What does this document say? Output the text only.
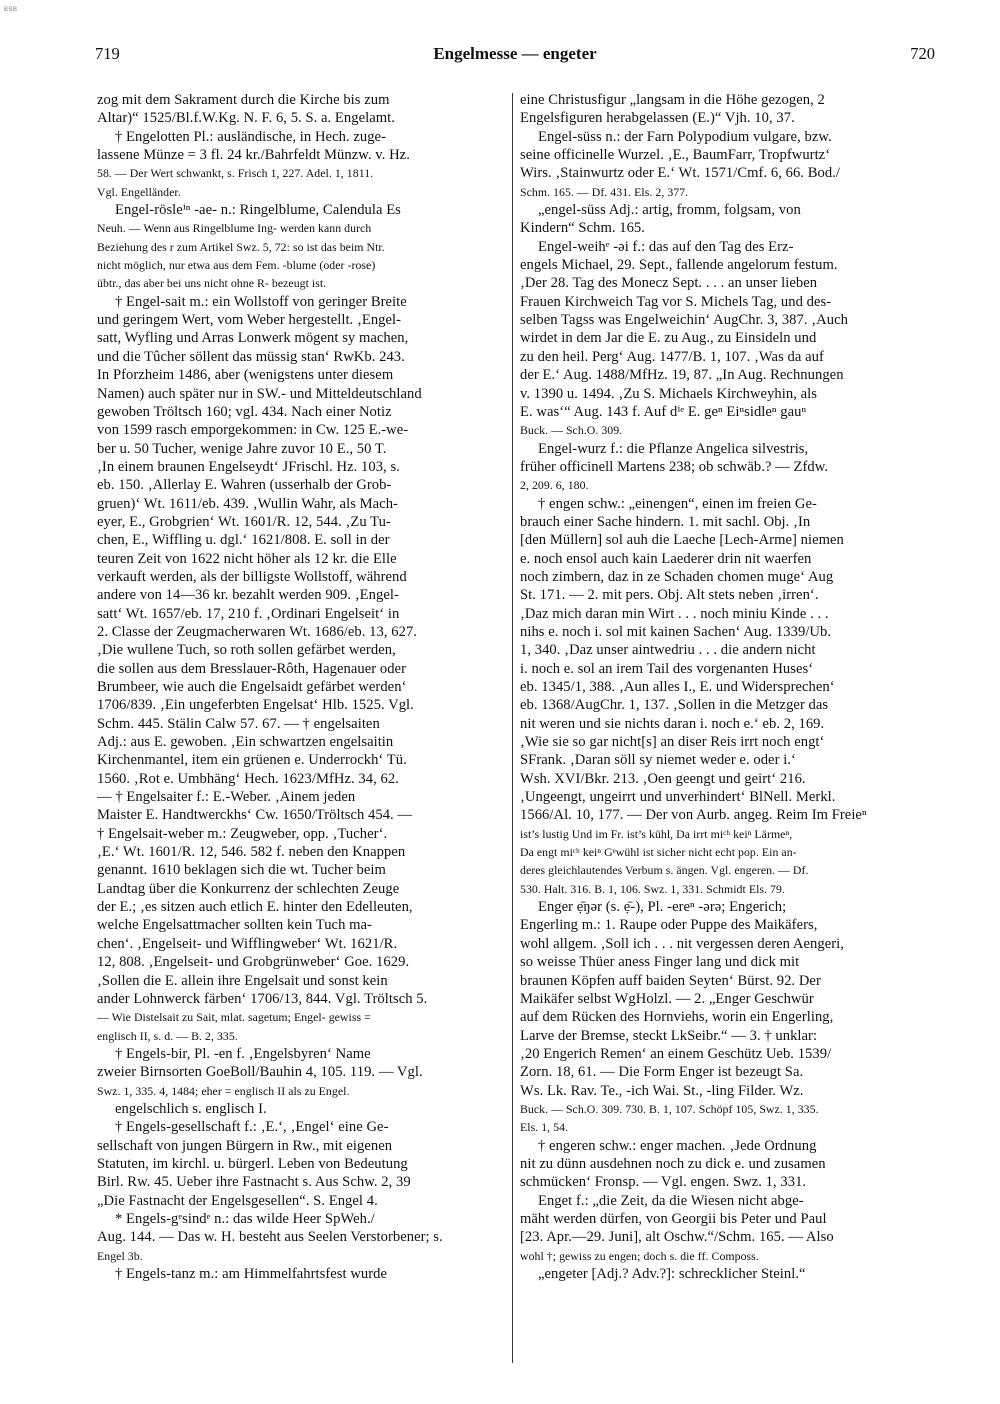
BSB
719	Engelmesse — engeter	720
zog mit dem Sakrament durch die Kirche bis zum
Altar)“ 1525/Bl.f.W.Kg. N. F. 6, 5. S. a. Engelamt.
† Engelotten Pl.: ausländische, in Hech. zuge-
lassene Münze = 3 fl. 24 kr./Bahrfeldt Münzw. v. Hz.
58. — Der Wert schwankt, s. Frisch 1, 227. Adel. 1, 1811.
Vgl. Engelländer.
Engel-rösleⁱⁿ -ae- n.: Ringelblume, Calendula Es
Neuh. — Wenn aus Ringelblume Ing- werden kann durch
Beziehung des r zum Artikel Swz. 5, 72: so ist das beim Ntr.
nicht möglich, nur etwa aus dem Fem. -blume (oder -rose)
übtr., das aber bei uns nicht ohne R- bezeugt ist.
† Engel-sait m.: ein Wollstoff von geringer Breite
und geringem Wert, vom Weber hergestellt. ‚Engel-
satt, Wyfling und Arras Lonwerk mögent sy machen,
und die Tûcher söllent das müssig stan‘ RwKb. 243.
In Pforzheim 1486, aber (wenigstens unter diesem
Namen) auch später nur in SW.- und Mitteldeutschland
gewoben Tröltsch 160; vgl. 434. Nach einer Notiz
von 1599 rasch emporgekommen: in Cw. 125 E.-we-
ber u. 50 Tucher, wenige Jahre zuvor 10 E., 50 T.
‚In einem braunen Engelseydt‘ JFrischl. Hz. 103, s.
eb. 150. ‚Allerlay E. Wahren (usserhalb der Grob-
gruen)‘ Wt. 1611/eb. 439. ‚Wullin Wahr, als Mach-
eyer, E., Grobgrien‘ Wt. 1601/R. 12, 544. ‚Zu Tu-
chen, E., Wiffling u. dgl.‘ 1621/808. E. soll in der
teuren Zeit von 1622 nicht höher als 12 kr. die Elle
verkauft werden, als der billigste Wollstoff, während
andere von 14—36 kr. bezahlt werden 909. ‚Engel-
satt‘ Wt. 1657/eb. 17, 210 f. ‚Ordinari Engelseit‘ in
2. Classe der Zeugmacherwaren Wt. 1686/eb. 13, 627.
‚Die wullene Tuch, so roth sollen gefärbet werden,
die sollen aus dem Bresslauer-Rôth, Hagenauer oder
Brumbeer, wie auch die Engelsaidt gefärbet werden‘
1706/839. ‚Ein ungeferbten Engelsat‘ Hlb. 1525. Vgl.
Schm. 445. Stälin Calw 57. 67. — † engelsaiten
Adj.: aus E. gewoben. ‚Ein schwartzen engelsaitin
Kirchenmantel, item ein grüenen e. Underrockh‘ Tü.
1560. ‚Rot e. Umbhäng‘ Hech. 1623/MfHz. 34, 62.
— † Engelsaiter f.: E.-Weber. ‚Ainem jeden
Maister E. Handtwerckhs‘ Cw. 1650/Tröltsch 454. —
† Engelsait-weber m.: Zeugweber, opp. ‚Tucher‘.
‚E.‘ Wt. 1601/R. 12, 546. 582 f. neben den Knappen
genannt. 1610 beklagen sich die wt. Tucher beim
Landtag über die Konkurrenz der schlechten Zeuge
der E.; ‚es sitzen auch etlich E. hinter den Edelleuten,
welche Engelsattmacher sollten kein Tuch ma-
chen‘. ‚Engelseit- und Wifflingweber‘ Wt. 1621/R.
12, 808. ‚Engelseit- und Grobgrünweber‘ Goe. 1629.
‚Sollen die E. allein ihre Engelsait und sonst kein
ander Lohnwerck färben‘ 1706/13, 844. Vgl. Tröltsch 5.
— Wie Distelsait zu Sait, mlat. sagetum; Engel- gewiss =
englisch II, s. d. — B. 2, 335.
† Engels-bir, Pl. -en f. ‚Engelsbyren‘ Name
zweier Birnsorten GoeBoll/Bauhin 4, 105. 119. — Vgl.
Swz. 1, 335. 4, 1484; eher = englisch II als zu Engel.
engelschlich s. englisch I.
† Engels-gesellschaft f.: ‚E.‘, ‚Engel‘ eine Ge-
sellschaft von jungen Bürgern in Rw., mit eigenen
Statuten, im kirchl. u. bürgerl. Leben von Bedeutung
Birl. Rw. 45. Ueber ihre Fastnacht s. Aus Schw. 2, 39
„Die Fastnacht der Engelsgesellen“. S. Engel 4.
* Engels-gᵉsindᵉ n.: das wilde Heer SpWeh./
Aug. 144. — Das w. H. besteht aus Seelen Verstorbener; s.
Engel 3b.
† Engels-tanz m.: am Himmelfahrtsfest wurde
eine Christusfigur „langsam in die Höhe gezogen, 2
Engelsfiguren herabgelassen (E.)“ Vjh. 10, 37.
Engel-süss n.: der Farn Polypodium vulgare, bzw.
seine officinelle Wurzel. ‚E., BaumFarr, Tropfwurtz‘
Wirs. ‚Stainwurtz oder E.‘ Wt. 1571/Cmf. 6, 66. Bod./
Schm. 165. — Df. 431. Els. 2, 377.
„engel-süss Adj.: artig, fromm, folgsam, von
Kindern“ Schm. 165.
Engel-weihᵉ -əi f.: das auf den Tag des Erz-
engels Michael, 29. Sept., fallende angelorum festum.
‚Der 28. Tag des Monecz Sept. . . . an unser lieben
Frauen Kirchweich Tag vor S. Michels Tag, und des-
selben Tagss was Engelweichin‘ AugChr. 3, 387. ‚Auch
wirdet in dem Jar die E. zu Aug., zu Einsideln und
zu den heil. Perg‘ Aug. 1477/B. 1, 107. ‚Was da auf
der E.‘ Aug. 1488/MfHz. 19, 87. „In Aug. Rechnungen
v. 1390 u. 1494. ‚Zu S. Michaels Kirchweyhin, als
E. was‘“ Aug. 143 f. Auf dⁱᵉ E. geⁿ Eiⁿsidleⁿ gauⁿ
Buck. — Sch.O. 309.
Engel-wurz f.: die Pflanze Angelica silvestris,
früher officinell Martens 238; ob schwäb.? — Zfdw.
2, 209. 6, 180.
† engen schw.: „einengen“, einen im freien Ge-
brauch einer Sache hindern. 1. mit sachl. Obj. ‚In
[den Müllern] sol auh die Laeche [Lech-Arme] niemen
e. noch ensol auch kain Laederer drin nit waerfen
noch zimbern, daz in ze Schaden chomen muge‘ Aug
St. 171. — 2. mit pers. Obj. Alt stets neben ‚irren‘.
‚Daz mich daran min Wirt . . . noch miniu Kinde . . .
nihs e. noch i. sol mit kainen Sachen‘ Aug. 1339/Ub.
1, 340. ‚Daz unser aintwedriu . . . die andern nicht
i. noch e. sol an irem Tail des vorgenanten Huses‘
eb. 1345/1, 388. ‚Aun alles I., E. und Widersprechen‘
eb. 1368/AugChr. 1, 137. ‚Sollen in die Metzger das
nit weren und sie nichts daran i. noch e.‘ eb. 2, 169.
‚Wie sie so gar nicht[s] an diser Reis irrt noch engt‘
SFrank. ‚Daran söll sy niemet weder e. oder i.‘
Wsh. XVI/Bkr. 213. ‚Oen geengt und geirt‘ 216.
‚Ungeengt, ungeirrt und unverhindert‘ BlNell. Merkl.
1566/Al. 10, 177. — Der von Aurb. angeg. Reim Im Freieⁿ
ist’s lustig Und im Fr. ist’s kühl, Da irrt miᶜʰ keiⁿ Lärmeⁿ,
Da engt miᶜʰ keiⁿ Gᵉwühl ist sicher nicht echt pop. Ein an-
deres gleichlautendes Verbum s. ängen. Vgl. engeren. — Df.
530. Halt. 316. B. 1, 106. Swz. 1, 331. Schmidt Els. 79.
Enger ẹ̄ŋər (s. ẹ̄-), Pl. -ereⁿ -ərə; Engerich;
Engerling m.: 1. Raupe oder Puppe des Maikäfers,
wohl allgem. ‚Soll ich . . . nit vergessen deren Aengeri,
so weisse Thüer aness Finger lang und dick mit
braunen Köpfen auff baiden Seyten‘ Bürst. 92. Der
Maikäfer selbst WgHolzl. — 2. „Enger Geschwür
auf dem Rücken des Hornviehs, worin ein Engerling,
Larve der Bremse, steckt LkSeibr.“ — 3. † unklar:
‚20 Engerich Remen‘ an einem Geschütz Ueb. 1539/
Zorn. 18, 61. — Die Form Enger ist bezeugt Sa.
Ws. Lk. Rav. Te., -ich Wai. St., -ling Filder. Wz.
Buck. — Sch.O. 309. 730. B. 1, 107. Schöpf 105, Swz. 1, 335.
Els. 1, 54.
† engeren schw.: enger machen. ‚Jede Ordnung
nit zu dünn ausdehnen noch zu dick e. und zusamen
schmücken‘ Fronsp. — Vgl. engen. Swz. 1, 331.
Enget f.: „die Zeit, da die Wiesen nicht abge-
mäht werden dürfen, von Georgii bis Peter und Paul
[23. Apr.—29. Juni], alt Oschw.“/Schm. 165. — Also
wohl †; gewiss zu engen; doch s. die ff. Composs.
„engeter [Adj.? Adv.?]: schrecklicher Steinl.“
